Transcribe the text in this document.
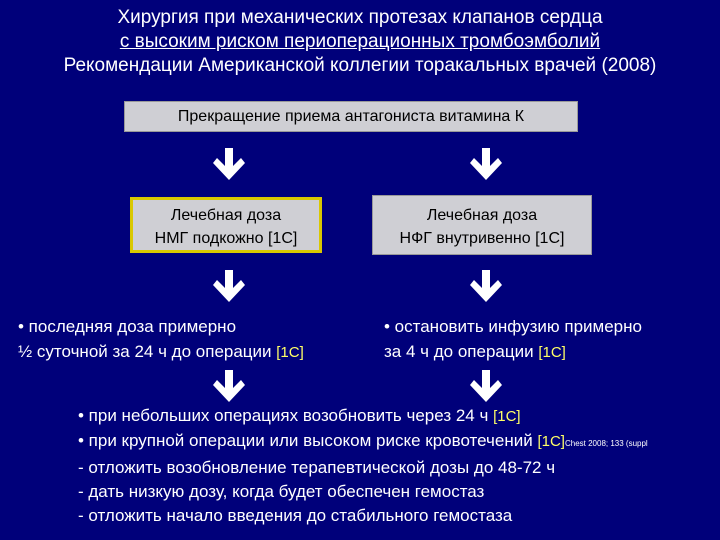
Хирургия при механических протезах клапанов сердца
с высоким риском периоперационных тромбоэмболий
Рекомендации Американской коллегии торакальных врачей (2008)
Прекращение приема антагониста витамина К
Лечебная доза
НМГ подкожно [1С]
Лечебная доза
НФГ внутривенно [1С]
• последняя доза примерно
½ суточной за 24 ч до операции [1С]
• остановить инфузию примерно
за 4 ч до операции [1С]
• при небольших операциях возобновить через 24 ч [1С]
• при крупной операции или высоком риске кровотечений [1С]Chest 2008; 133 (suppl
- отложить возобновление терапевтической дозы до 48-72 ч
- дать низкую дозу, когда будет обеспечен гемостаз
- отложить начало введения до стабильного гемостаза
